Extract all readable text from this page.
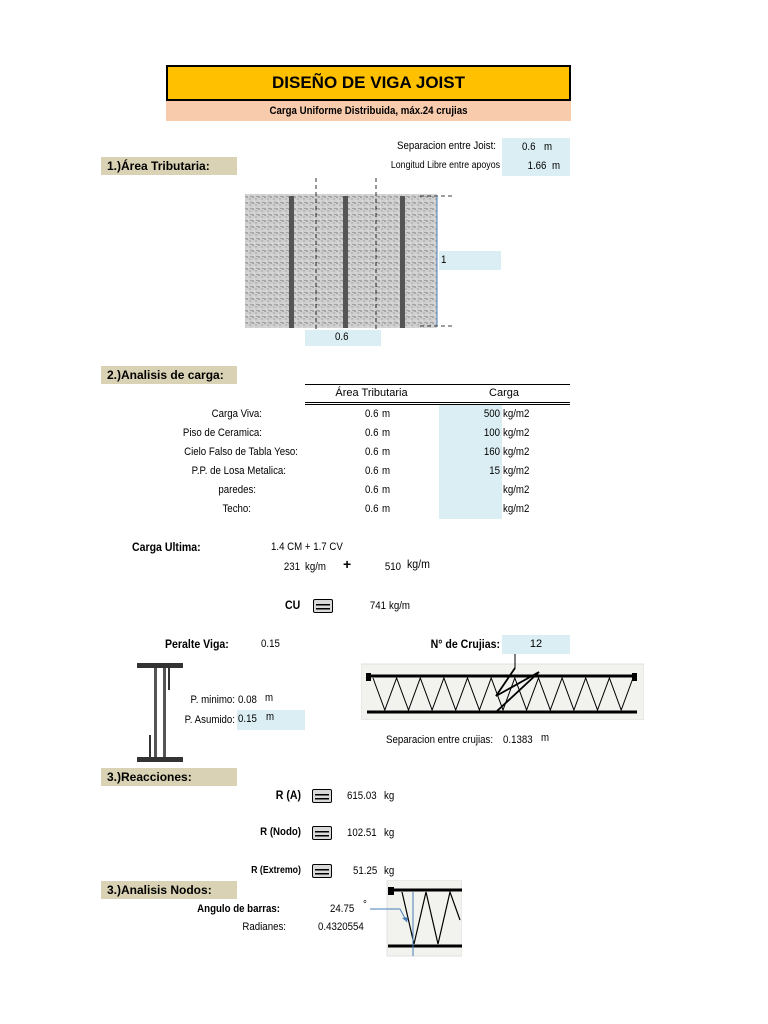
DISEÑO DE VIGA JOIST
Carga Uniforme Distribuida, máx.24 crujias
Separacion entre Joist: 0.6 m
Longitud Libre entre apoyos 1.66 m
1.)Área Tributaria:
1
0.6
2.)Analisis de carga:
Área Tributaria	Carga
Carga Viva:	0.6 m	500 kg/m2
Piso de Ceramica:	0.6 m	100 kg/m2
Cielo Falso de Tabla Yeso:	0.6 m	160 kg/m2
P.P. de Losa Metalica:	0.6 m	15 kg/m2
paredes:	0.6 m	kg/m2
Techo:	0.6 m	kg/m2
Carga Ultima:	1.4 CM + 1.7 CV
231 kg/m +	510 kg/m
CU	741 kg/m
Peralte Viga:	0.15
P. minimo: 0.08 m
P. Asumido: 0.15 m
N° de Crujias:	12
Separacion entre crujias: 0.1383 m
3.)Reacciones:
R (A)	615.03 kg
R (Nodo)	102.51 kg
R (Extremo)	51.25 kg
3.)Analisis Nodos:
Angulo de barras:	24.75 °
Radianes:	0.4320554
